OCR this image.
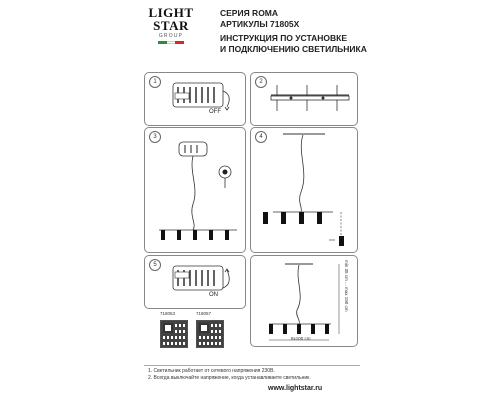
LIGHT
STAR
GROUP
СЕРИЯ ROMA
АРТИКУЛЫ 71805X
ИНСТРУКЦИЯ ПО УСТАНОВКЕ
И ПОДКЛЮЧЕНИЮ СВЕТИЛЬНИКА
1
OFF
2
3	4
5
ON	min 35 cm ... max 190 cm
8x100 cm
718053	718057
1. Светильник работает от сетевого напряжения 230В.
2. Всегда выключайте напряжение, когда устанавливаете светильник.
www.lightstar.ru
